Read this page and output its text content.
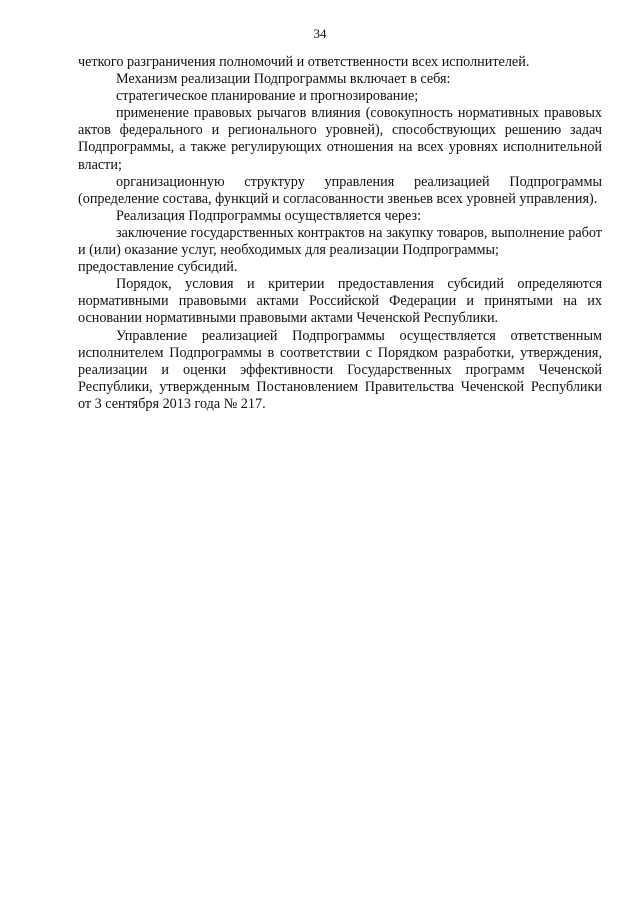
34

четкого разграничения полномочий и ответственности всех исполнителей.

Механизм реализации Подпрограммы включает в себя:

стратегическое планирование и прогнозирование;

применение правовых рычагов влияния (совокупность нормативных правовых актов федерального и регионального уровней), способствующих решению задач Подпрограммы, а также регулирующих отношения на всех уровнях исполнительной власти;

организационную структуру управления реализацией Подпрограммы (определение состава, функций и согласованности звеньев всех уровней управления).

Реализация Подпрограммы осуществляется через:

заключение государственных контрактов на закупку товаров, выполнение работ и (или) оказание услуг, необходимых для реализации Подпрограммы;

предоставление субсидий.

Порядок, условия и критерии предоставления субсидий определяются нормативными правовыми актами Российской Федерации и принятыми на их основании нормативными правовыми актами Чеченской Республики.

Управление реализацией Подпрограммы осуществляется ответственным исполнителем Подпрограммы в соответствии с Порядком разработки, утверждения, реализации и оценки эффективности Государственных программ Чеченской Республики, утвержденным Постановлением Правительства Чеченской Республики от 3 сентября 2013 года № 217.
